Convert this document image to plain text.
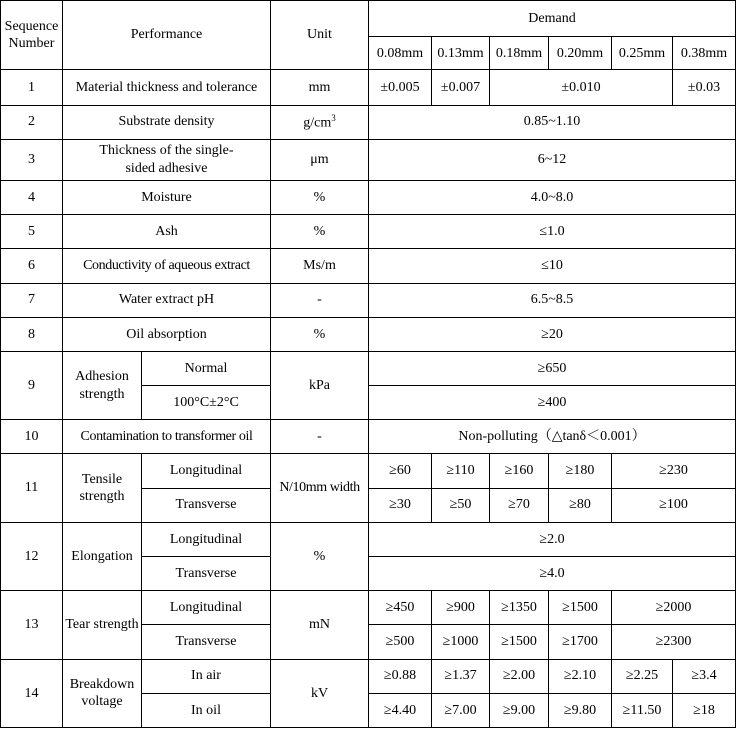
Sequence Number	Performance		Unit	Demand					
				0.08mm	0.13mm	0.18mm	0.20mm	0.25mm	0.38mm
1	Material thickness and tolerance		mm	±0.005	±0.007	±0.010			±0.03
2	Substrate density		$g/cm^3$	0.85~1.10					
3	Thickness of the single-sided adhesive		μm	6~12					
4	Moisture		%	4.0~8.0					
5	Ash		%	≤1.0					
6	Conductivity of aqueous extract		Ms/m	≤10					
7	Water extract pH		-	6.5~8.5					
8	Oil absorption		%	≥20					
9	Adhesion strength	Normal	kPa	≥650					
		100°C±2°C		≥400					
10	Contamination to transformer oil		-	Non-polluting（△tanδ＜0.001）					
11	Tensile strength	Longitudinal	N/10mm width	≥60	≥110	≥160	≥180	≥230	
		Transverse		≥30	≥50	≥70	≥80	≥100	
12	Elongation	Longitudinal	%	≥2.0					
		Transverse		≥4.0					
13	Tear strength	Longitudinal	mN	≥450	≥900	≥1350	≥1500	≥2000	
		Transverse		≥500	≥1000	≥1500	≥1700	≥2300	
14	Breakdown voltage	In air	kV	≥0.88	≥1.37	≥2.00	≥2.10	≥2.25	≥3.4
		In oil		≥4.40	≥7.00	≥9.00	≥9.80	≥11.50	≥18
